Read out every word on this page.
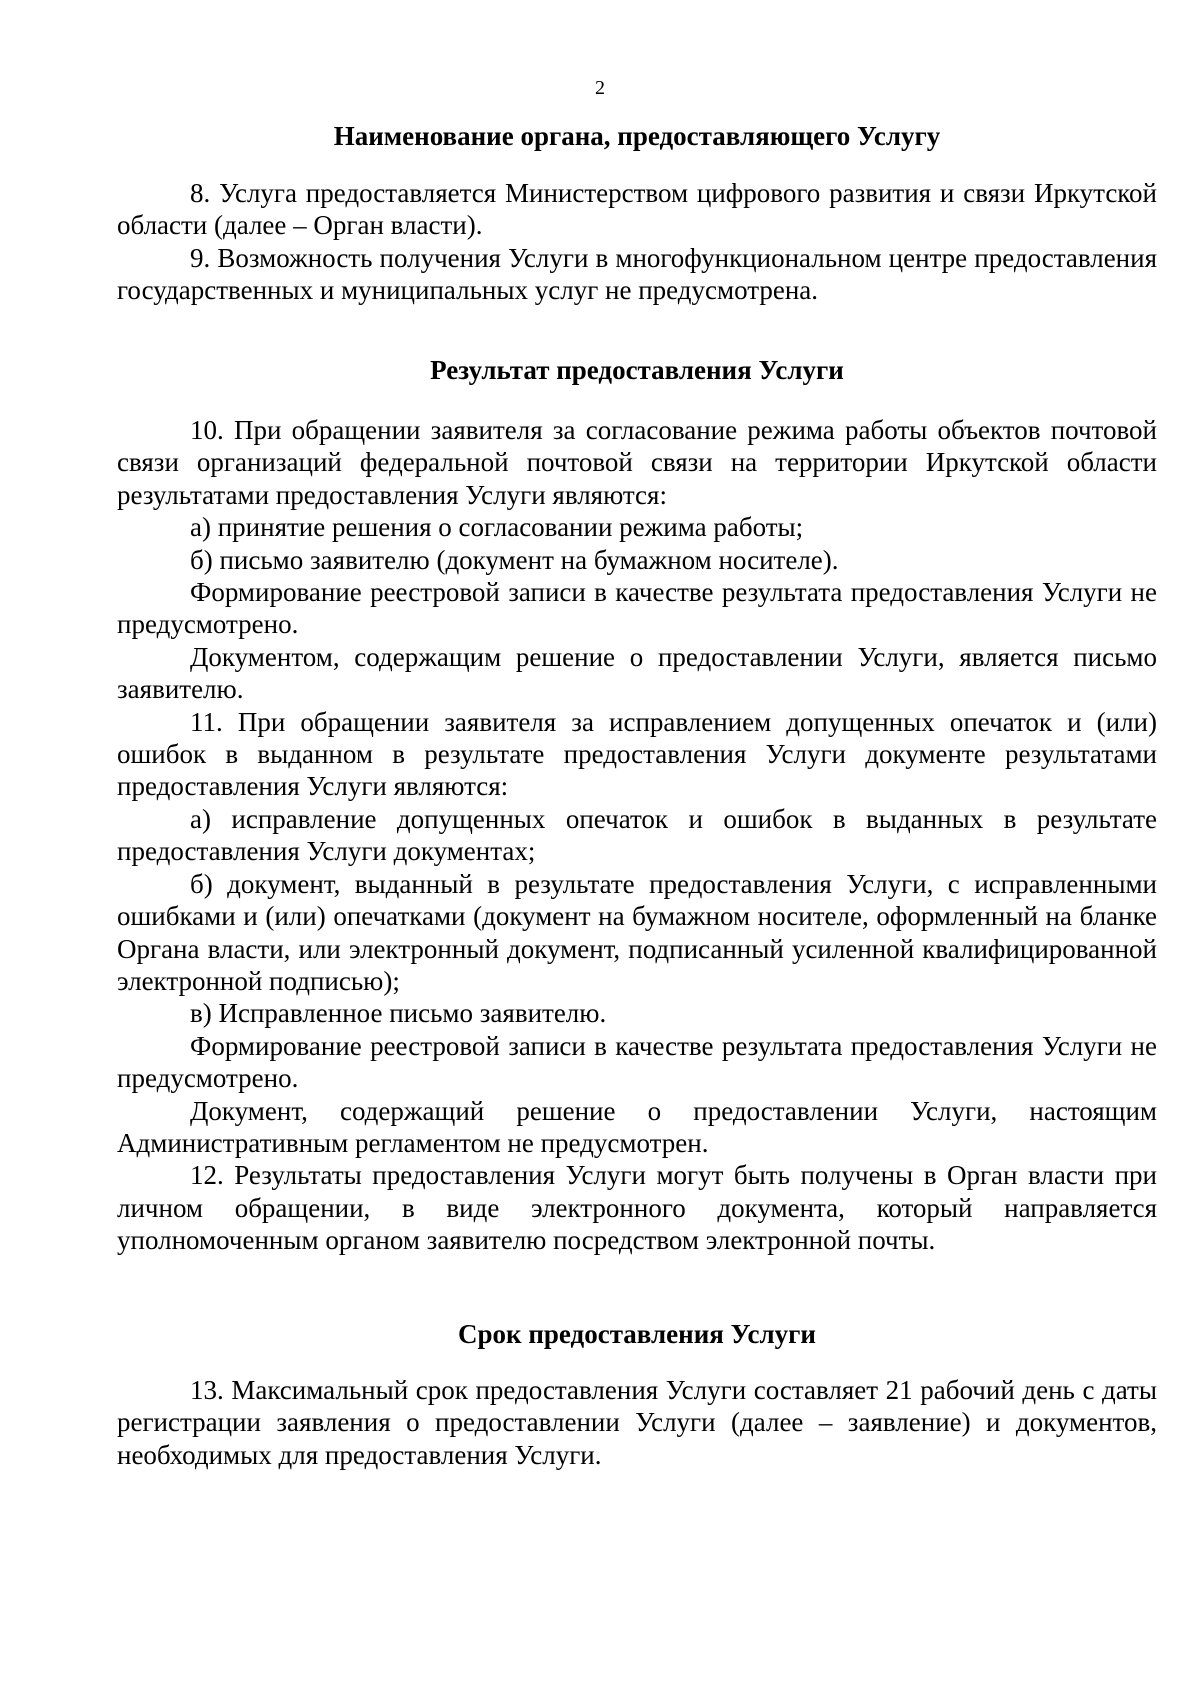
2
Наименование органа, предоставляющего Услугу

8. Услуга предоставляется Министерством цифрового развития и связи Иркутской области (далее – Орган власти).

9. Возможность получения Услуги в многофункциональном центре предоставления государственных и муниципальных услуг не предусмотрена.

Результат предоставления Услуги

10. При обращении заявителя за согласование режима работы объектов почтовой связи организаций федеральной почтовой связи на территории Иркутской области результатами предоставления Услуги являются:

а) принятие решения о согласовании режима работы;

б) письмо заявителю (документ на бумажном носителе).

Формирование реестровой записи в качестве результата предоставления Услуги не предусмотрено.

Документом, содержащим решение о предоставлении Услуги, является письмо заявителю.

11. При обращении заявителя за исправлением допущенных опечаток и (или) ошибок в выданном в результате предоставления Услуги документе результатами предоставления Услуги являются:

а) исправление допущенных опечаток и ошибок в выданных в результате предоставления Услуги документах;

б) документ, выданный в результате предоставления Услуги, с исправленными ошибками и (или) опечатками (документ на бумажном носителе, оформленный на бланке Органа власти, или электронный документ, подписанный усиленной квалифицированной электронной подписью);

в) Исправленное письмо заявителю.

Формирование реестровой записи в качестве результата предоставления Услуги не предусмотрено.

Документ, содержащий решение о предоставлении Услуги, настоящим Административным регламентом не предусмотрен.

12. Результаты предоставления Услуги могут быть получены в Орган власти при личном обращении, в виде электронного документа, который направляется уполномоченным органом заявителю посредством электронной почты.

Срок предоставления Услуги

13. Максимальный срок предоставления Услуги составляет 21 рабочий день с даты регистрации заявления о предоставлении Услуги (далее – заявление) и документов, необходимых для предоставления Услуги.
